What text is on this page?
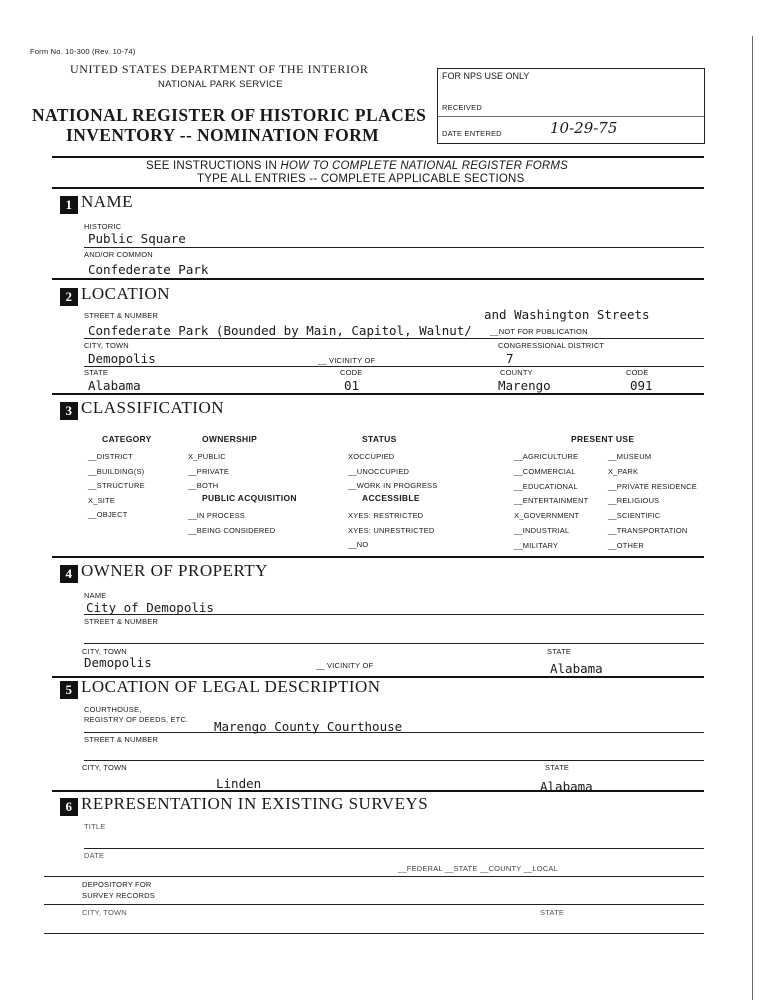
Form No. 10-300 (Rev. 10-74)
UNITED STATES DEPARTMENT OF THE INTERIOR
NATIONAL PARK SERVICE
NATIONAL REGISTER OF HISTORIC PLACES
INVENTORY -- NOMINATION FORM
FOR NPS USE ONLY
RECEIVED
DATE ENTERED	10-29-75
SEE INSTRUCTIONS IN HOW TO COMPLETE NATIONAL REGISTER FORMS
TYPE ALL ENTRIES -- COMPLETE APPLICABLE SECTIONS
1 NAME
HISTORIC
Public Square
AND/OR COMMON
Confederate Park
2 LOCATION
STREET & NUMBER	and Washington Streets
Confederate Park (Bounded by Main, Capitol, Walnut/ __NOT FOR PUBLICATION
CITY, TOWN	CONGRESSIONAL DISTRICT
Demopolis	__ VICINITY OF	7
STATE	CODE	COUNTY	CODE
Alabama	01	Marengo	091
3 CLASSIFICATION
CATEGORY	OWNERSHIP	STATUS	PRESENT USE
__DISTRICT
__BUILDING(S)
__STRUCTURE
X_SITE
__OBJECT
X_PUBLIC
__PRIVATE
__BOTH
PUBLIC ACQUISITION
__IN PROCESS
__BEING CONSIDERED
XOCCUPIED
__UNOCCUPIED
__WORK IN PROGRESS
ACCESSIBLE
XYES: RESTRICTED
XYES: UNRESTRICTED
__NO
__AGRICULTURE
__COMMERCIAL
__EDUCATIONAL
__ENTERTAINMENT
X_GOVERNMENT
__INDUSTRIAL
__MILITARY
__MUSEUM
X_PARK
__PRIVATE RESIDENCE
__RELIGIOUS
__SCIENTIFIC
__TRANSPORTATION
__OTHER
4 OWNER OF PROPERTY
NAME
City of Demopolis
STREET & NUMBER
CITY, TOWN	STATE
Demopolis	__ VICINITY OF	Alabama
5 LOCATION OF LEGAL DESCRIPTION
COURTHOUSE,
REGISTRY OF DEEDS, ETC. Marengo County Courthouse
STREET & NUMBER
CITY, TOWN	STATE
Linden	Alabama
6 REPRESENTATION IN EXISTING SURVEYS
TITLE
DATE
__FEDERAL __STATE __COUNTY __LOCAL
DEPOSITORY FOR
SURVEY RECORDS
CITY, TOWN	STATE
